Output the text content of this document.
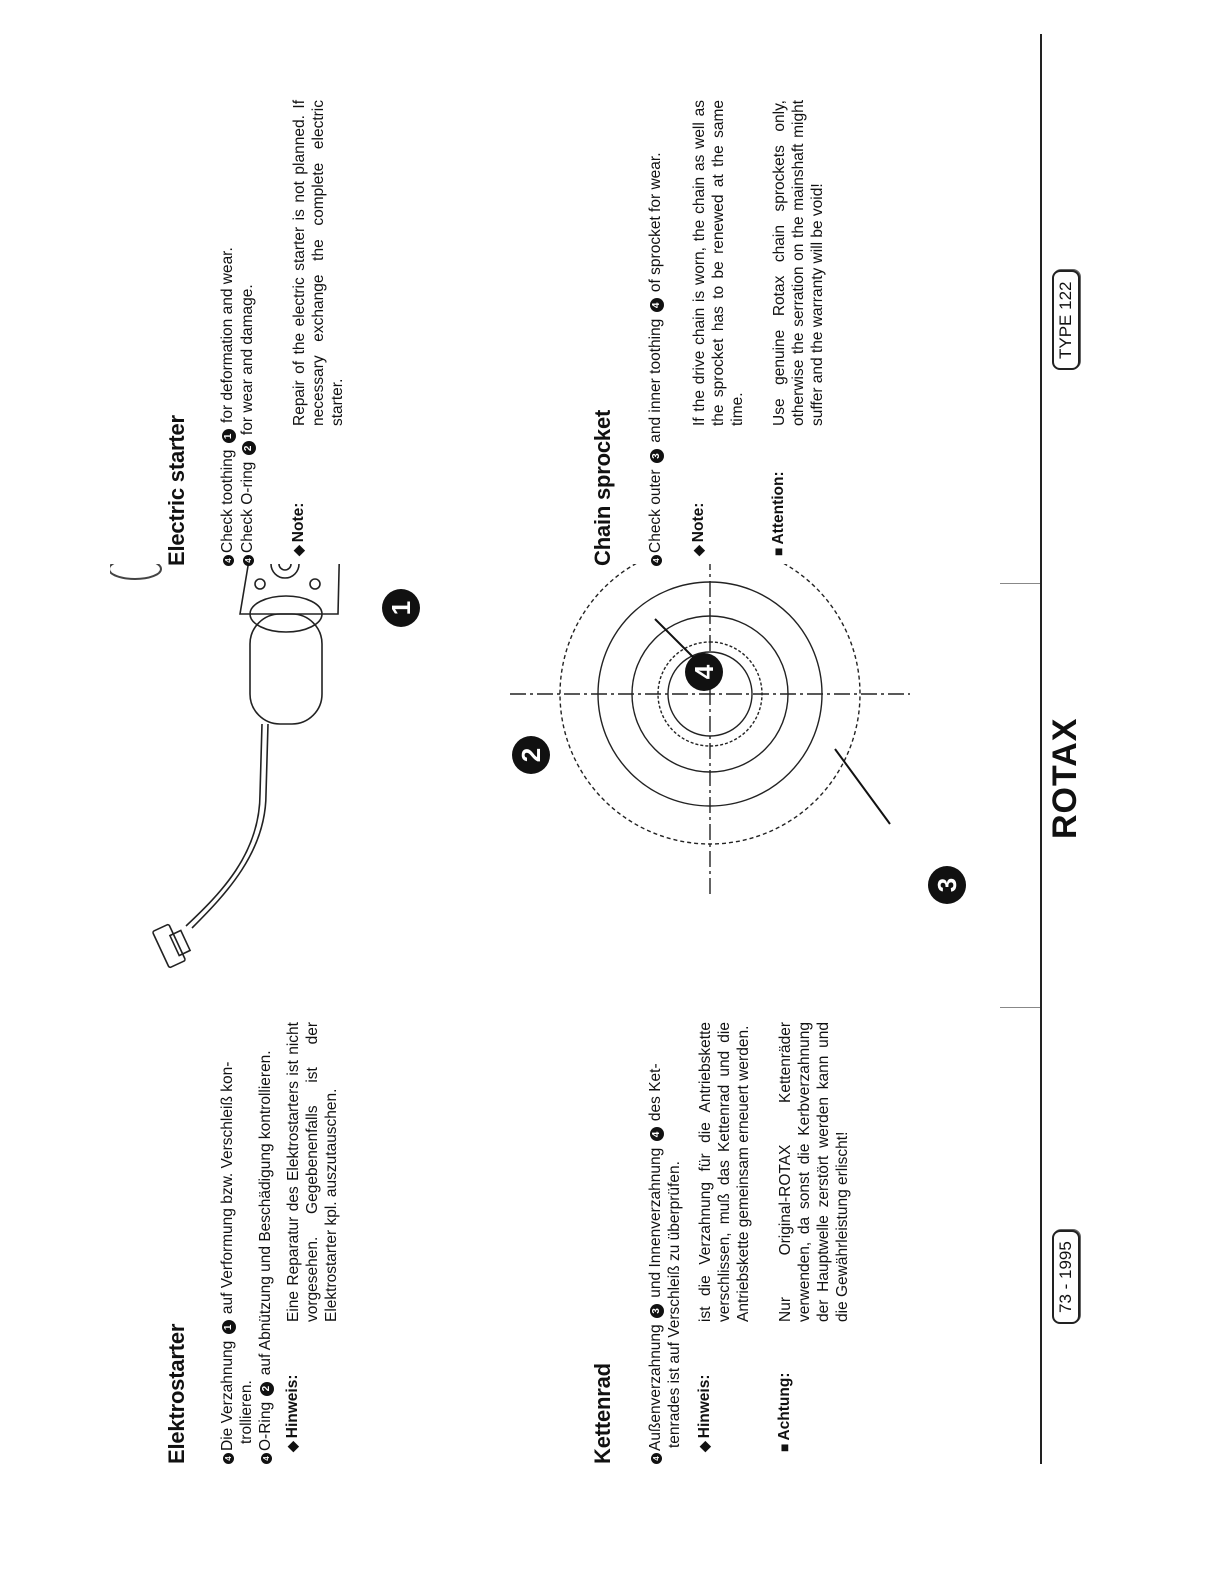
Elektrostarter	4Die Verzahnung 1 auf Verformung bzw. Verschleiß kon-
trollieren.
4O-Ring 2 auf Abnützung und Beschädigung kontrollieren.
◆Hinweis:
Eine Reparatur des Elektrostarters ist nicht vorgesehen. Gegebenenfalls ist der Elektrostarter kpl. auszutauschen.
Kettenrad	4Außenverzahnung 3 und Innenverzahnung 4 des Ket-
tenrades ist auf Verschleiß zu überprüfen. ◆Hinweis:
ist die Verzahnung für die Antriebskette verschlissen, muß das Kettenrad und die Antriebskette gemeinsam erneuert werden.
■Achtung:
Nur Original-ROTAX Kettenräder verwenden, da sonst die Kerbverzahnung der Hauptwelle zerstört werden kann und die Gewährleistung erlischt!
1
2
3
4
Electric starter	4Check toothing 1 for deformation and wear.
4Check O-ring 2 for wear and damage.
◆Note:
Repair of the electric starter is not planned. If necessary exchange the complete electric starter.
Chain sprocket	4Check outer 3 and inner toothing 4 of sprocket for wear.
◆Note:
If the drive chain is worn, the chain as well as the sprocket has to be renewed at the same time.
■Attention:
Use genuine Rotax chain sprockets only, otherwise the serration on the mainshaft might suffer and the warranty will be void!
73 - 1995
ROTAX
TYPE 122
